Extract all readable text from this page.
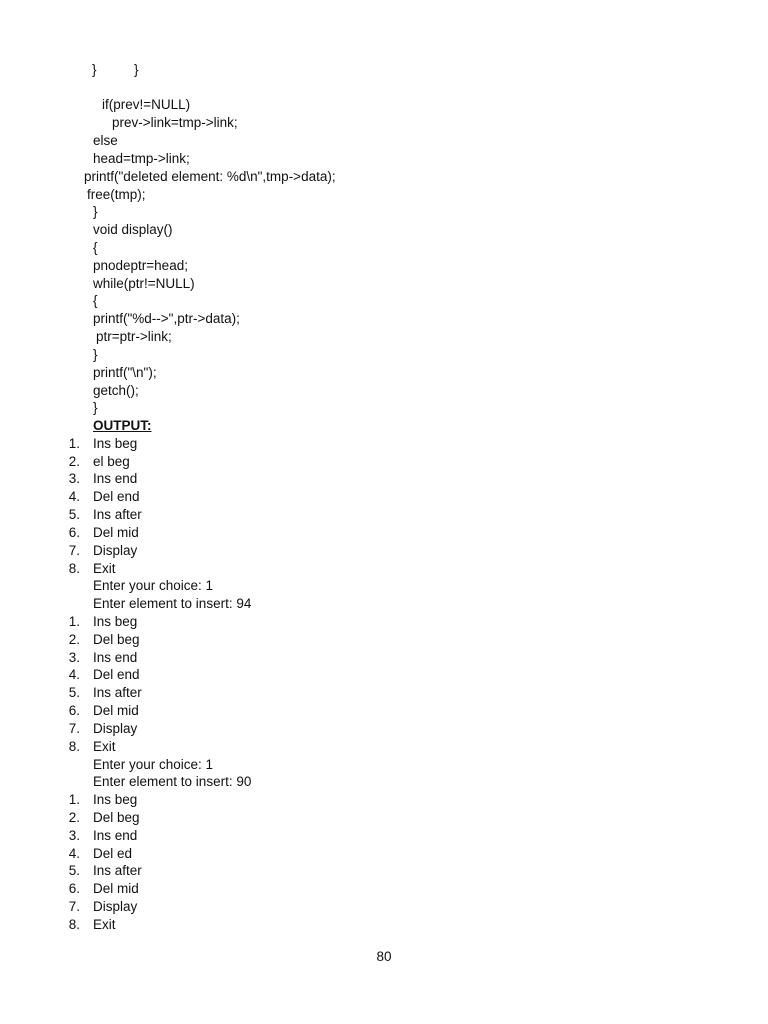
}          }
if(prev!=NULL)
prev->link=tmp->link;
else
head=tmp->link;
printf("deleted element: %d\n",tmp->data);
free(tmp);
}
void display()
{
pnodeptr=head;
while(ptr!=NULL)
{
printf("%d-->",ptr->data);
ptr=ptr->link;
}
printf("\n");
getch();
}
OUTPUT:
1. Ins beg
2. el beg
3. Ins end
4. Del end
5. Ins after
6. Del mid
7. Display
8. Exit
Enter your choice: 1
Enter element to insert: 94
1. Ins beg
2. Del beg
3. Ins end
4. Del end
5. Ins after
6. Del mid
7. Display
8. Exit
Enter your choice: 1
Enter element to insert: 90
1. Ins beg
2. Del beg
3. Ins end
4. Del ed
5. Ins after
6. Del mid
7. Display
8. Exit
80
